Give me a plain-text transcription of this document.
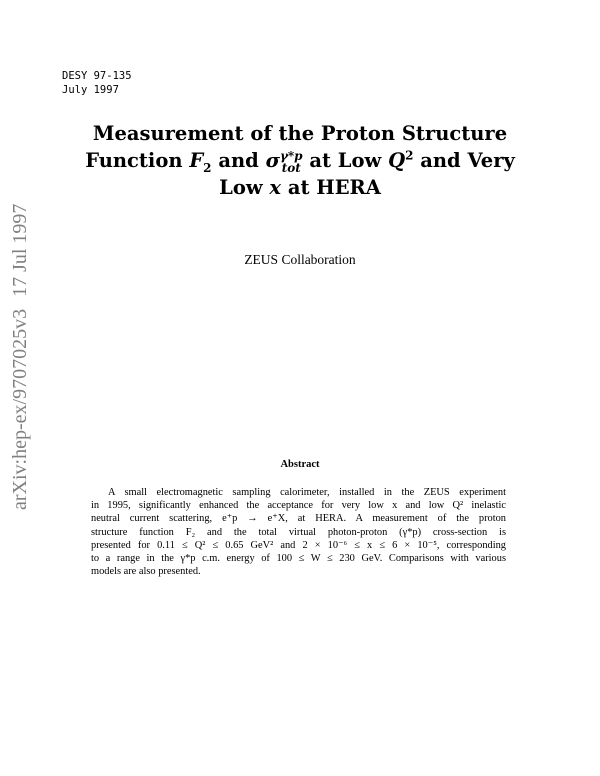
DESY 97-135
July 1997
Measurement of the Proton Structure
Function $F_2$ and σ γ*p
tot at Low $Q^2$ and Very
Low x at HERA
ZEUS Collaboration
arXiv:hep-ex/9707025v317 Jul 1997
Abstract
A small electromagnetic sampling calorimeter, installed in the ZEUS experiment
in 1995, significantly enhanced the acceptance for very low x and low Q² inelastic
neutral current scattering, e⁺p → e⁺X, at HERA. A measurement of the proton
structure function F₂ and the total virtual photon-proton (γ*p) cross-section is
presented for 0.11 ≤ Q² ≤ 0.65 GeV² and 2 × 10⁻⁶ ≤ x ≤ 6 × 10⁻⁵, corresponding
to a range in the γ*p c.m. energy of 100 ≤ W ≤ 230 GeV. Comparisons with various
models are also presented.
